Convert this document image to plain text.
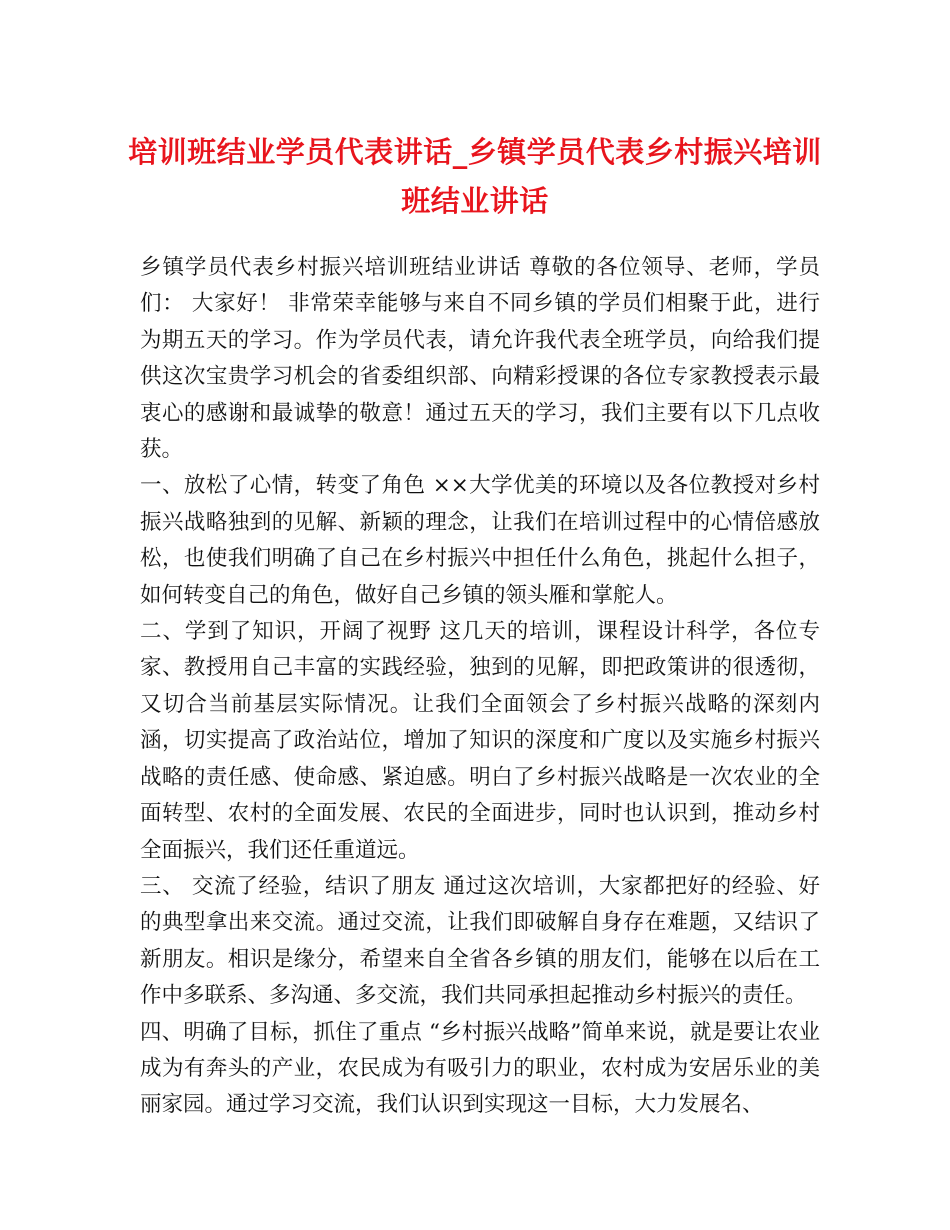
培训班结业学员代表讲话_乡镇学员代表乡村振兴培训班结业讲话

乡镇学员代表乡村振兴培训班结业讲话 尊敬的各位领导、老师，学员们： 大家好！ 非常荣幸能够与来自不同乡镇的学员们相聚于此，进行为期五天的学习。作为学员代表，请允许我代表全班学员，向给我们提供这次宝贵学习机会的省委组织部、向精彩授课的各位专家教授表示最衷心的感谢和最诚挚的敬意！通过五天的学习，我们主要有以下几点收获。

一、放松了心情，转变了角色 ××大学优美的环境以及各位教授对乡村振兴战略独到的见解、新颖的理念，让我们在培训过程中的心情倍感放松，也使我们明确了自己在乡村振兴中担任什么角色，挑起什么担子，如何转变自己的角色，做好自己乡镇的领头雁和掌舵人。

二、学到了知识，开阔了视野 这几天的培训，课程设计科学，各位专家、教授用自己丰富的实践经验，独到的见解，即把政策讲的很透彻，又切合当前基层实际情况。让我们全面领会了乡村振兴战略的深刻内涵，切实提高了政治站位，增加了知识的深度和广度以及实施乡村振兴战略的责任感、使命感、紧迫感。明白了乡村振兴战略是一次农业的全面转型、农村的全面发展、农民的全面进步，同时也认识到，推动乡村全面振兴，我们还任重道远。

三、 交流了经验，结识了朋友 通过这次培训，大家都把好的经验、好的典型拿出来交流。通过交流，让我们即破解自身存在难题，又结识了新朋友。相识是缘分，希望来自全省各乡镇的朋友们，能够在以后在工作中多联系、多沟通、多交流，我们共同承担起推动乡村振兴的责任。

四、明确了目标，抓住了重点 “乡村振兴战略”简单来说，就是要让农业成为有奔头的产业，农民成为有吸引力的职业，农村成为安居乐业的美丽家园。通过学习交流，我们认识到实现这一目标，大力发展名、
